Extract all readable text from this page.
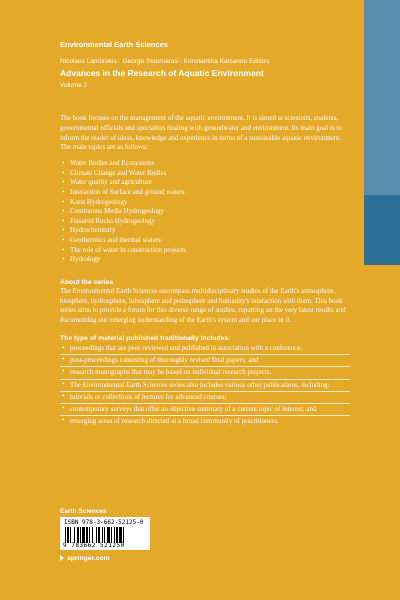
Environmental Earth Sciences
Nicolaos Lambrakis · George Stournaras · Konstantina Katsanou Editors
Advances in the Research of Aquatic Environment
Volume 2

The book focuses on the management of the aquatic environment. It is aimed at scientists, students, governmental officials and specialists dealing with groundwater and environment. Its main goal is to inform the reader of ideas, knowledge and experience in terms of a sustainable aquatic environment. The main topics are as follows:

• Water Bodies and Ecosystems
• Climate Change and Water Bodies
• Water quality and agriculture
• Interaction of Surface and ground waters
• Karst Hydrogeology
• Continuous Media Hydrogeology
• Fissured Rocks Hydrogeology
• Hydrochemistry
• Geothermics and thermal waters
• The role of water in construction projects
• Hydrology
About the series

The Environmental Earth Sciences encompass multidisciplinary studies of the Earth's atmosphere, biosphere, hydrosphere, lithosphere and pedosphere and humanity's interaction with them. This book series aims to provide a forum for this diverse range of studies, reporting on the very latest results and documenting our emerging understanding of the Earth's system and our place in it.

The type of material published traditionally includes:
• proceedings that are peer-reviewed and published in association with a conference;
• post-proceedings consisting of thoroughly revised final papers; and
• research monographs that may be based on individual research projects.
• The Environmental Earth Sciences series also includes various other publications, including:
• tutorials or collections of lectures for advanced courses;
• contemporary surveys that offer an objective summary of a current topic of interest; and
• emerging areas of research directed at a broad community of practitioners.
Earth Sciences
ISBN 978-3-662-52125-0
9 783662 521250
springer.com
